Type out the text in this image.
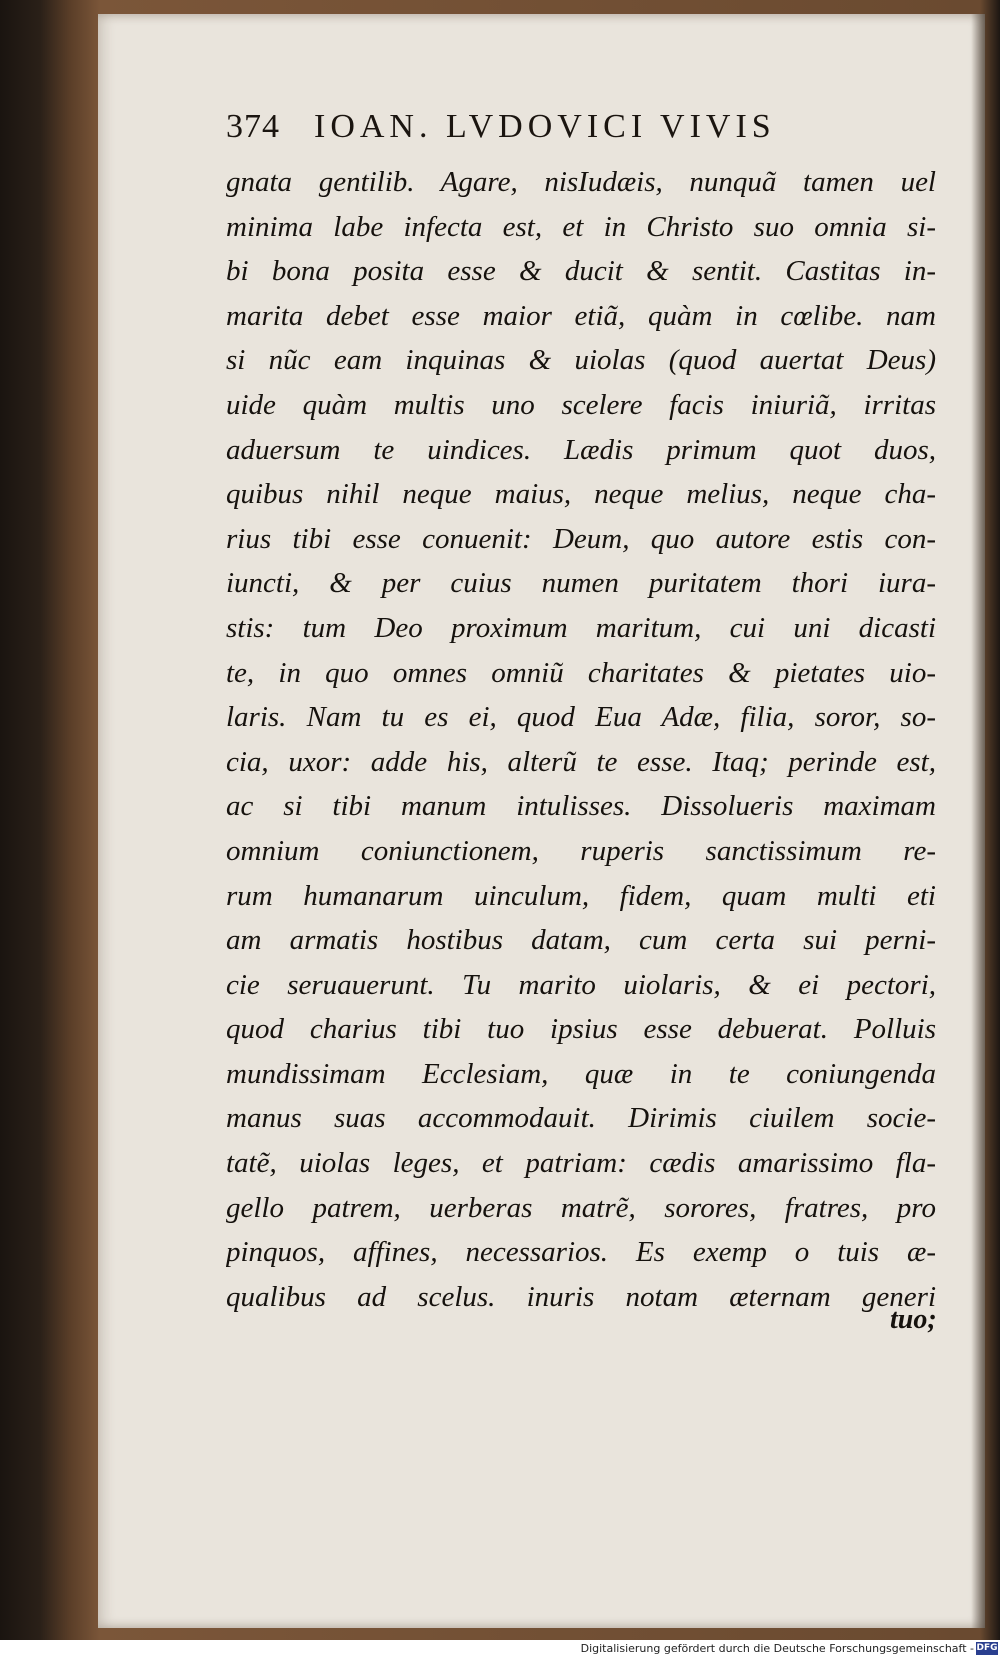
374 IOAN. LVDOVICI VIVIS
gnata gentilib. Agare, nisIudæis, nunquã tamen uel
minima labe infecta est, et in Christo suo omnia si-
bi bona posita esse & ducit & sentit. Castitas in-
marita debet esse maior etiã, quàm in cœlibe. nam
si nũc eam inquinas & uiolas (quod auertat Deus)
uide quàm multis uno scelere facis iniuriã, irritas
aduersum te uindices. Lædis primum quot duos,
quibus nihil neque maius, neque melius, neque cha-
rius tibi esse conuenit: Deum, quo autore estis con-
iuncti, & per cuius numen puritatem thori iura-
stis: tum Deo proximum maritum, cui uni dicasti
te, in quo omnes omniũ charitates & pietates uio-
laris. Nam tu es ei, quod Eua Adæ, filia, soror, so-
cia, uxor: adde his, alterũ te esse. Itaq; perinde est,
ac si tibi manum intulisses. Dissolueris maximam
omnium coniunctionem, ruperis sanctissimum re-
rum humanarum uinculum, fidem, quam multi eti
am armatis hostibus datam, cum certa sui perni-
cie seruauerunt. Tu marito uiolaris, & ei pectori,
quod charius tibi tuo ipsius esse debuerat. Polluis
mundissimam Ecclesiam, quæ in te coniungenda
manus suas accommodauit. Dirimis ciuilem socie-
tatẽ, uiolas leges, et patriam: cædis amarissimo fla-
gello patrem, uerberas matrẽ, sorores, fratres, pro
pinquos, affines, necessarios. Es exemp o tuis æ-
qualibus ad scelus. inuris notam æternam generi
tuo;
Digitalisierung gefördert durch die Deutsche Forschungsgemeinschaft - DFG
